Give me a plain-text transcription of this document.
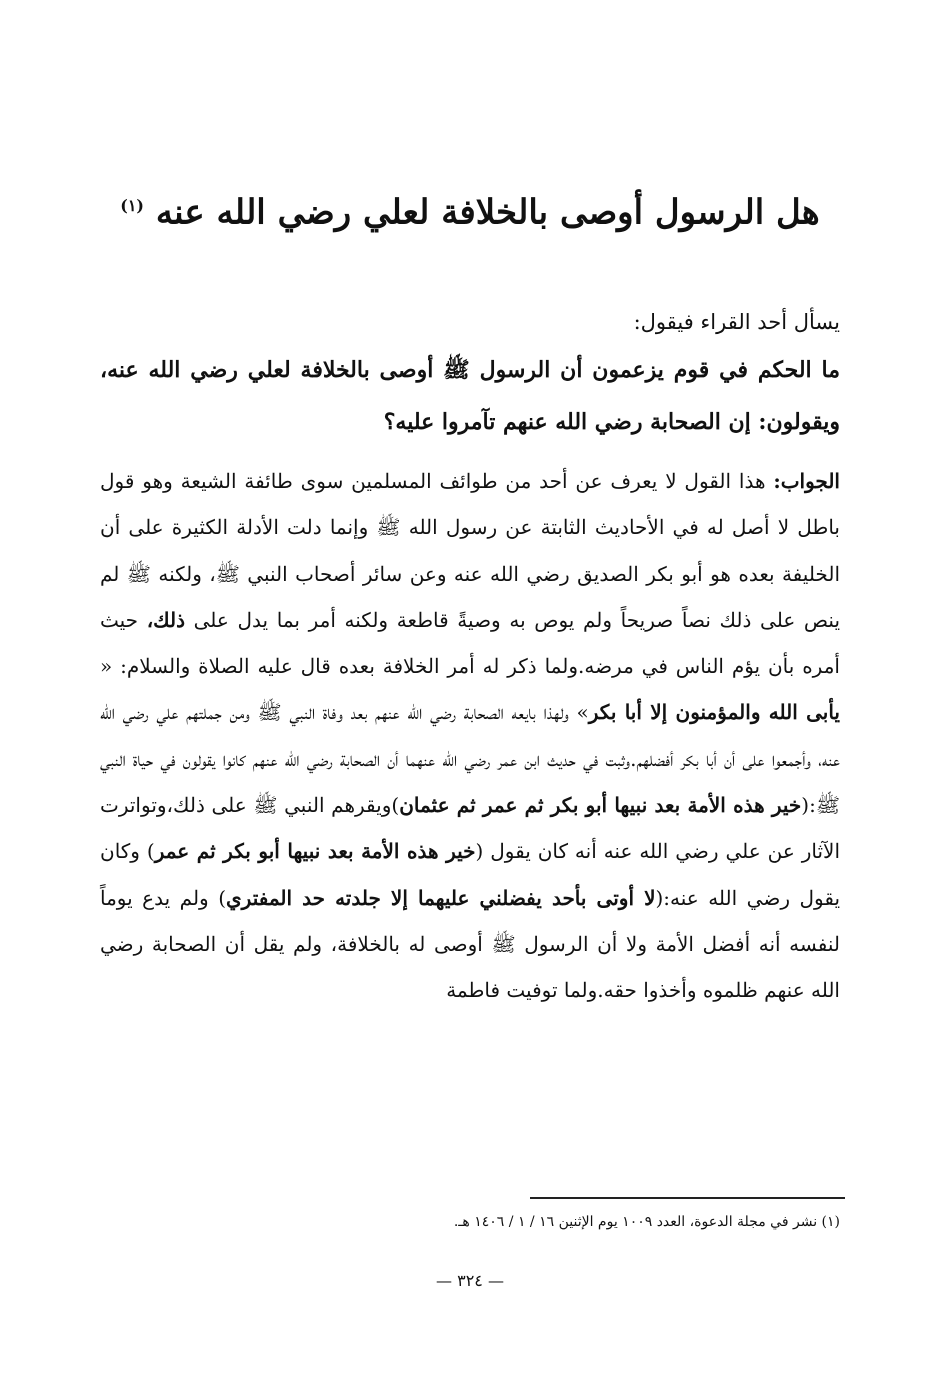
هل الرسول أوصى بالخلافة لعلي رضي الله عنه $^{(١)}$

يسأل أحد القراء فيقول:

ما الحكم في قوم يزعمون أن الرسول ﷺ أوصى بالخلافة لعلي رضي الله عنه، ويقولون: إن الصحابة رضي الله عنهم تآمروا عليه؟

الجواب: هذا القول لا يعرف عن أحد من طوائف المسلمين سوى طائفة الشيعة وهو قول باطل لا أصل له في الأحاديث الثابتة عن رسول الله ﷺ وإنما دلت الأدلة الكثيرة على أن الخليفة بعده هو أبو بكر الصديق رضي الله عنه وعن سائر أصحاب النبي ﷺ، ولكنه ﷺ لم ينص على ذلك نصاً صريحاً ولم يوص به وصيةً قاطعة ولكنه أمر بما يدل على ذلك، حيث أمره بأن يؤم الناس في مرضه.ولما ذكر له أمر الخلافة بعده قال عليه الصلاة والسلام: « يأبى الله والمؤمنون إلا أبا بكر» ولهذا بايعه الصحابة رضي الله عنهم بعد وفاة النبي ﷺ ومن جملتهم علي رضي الله عنه، وأجمعوا على أن أبا بكر أفضلهم.وثبت في حديث ابن عمر رضي الله عنهما أن الصحابة رضي الله عنهم كانوا يقولون في حياة النبي ﷺ:(خير هذه الأمة بعد نبيها أبو بكر ثم عمر ثم عثمان)ويقرهم النبي ﷺ على ذلك،وتواترت الآثار عن علي رضي الله عنه أنه كان يقول (خير هذه الأمة بعد نبيها أبو بكر ثم عمر) وكان يقول رضي الله عنه:(لا أوتى بأحد يفضلني عليهما إلا جلدته حد المفتري) ولم يدع يوماً لنفسه أنه أفضل الأمة ولا أن الرسول ﷺ أوصى له بالخلافة، ولم يقل أن الصحابة رضي الله عنهم ظلموه وأخذوا حقه.ولما توفيت فاطمة

(١) نشر في مجلة الدعوة، العدد ١٠٠٩ يوم الإثنين ١٦ / ١ / ١٤٠٦ هـ.

— ٣٢٤ —
